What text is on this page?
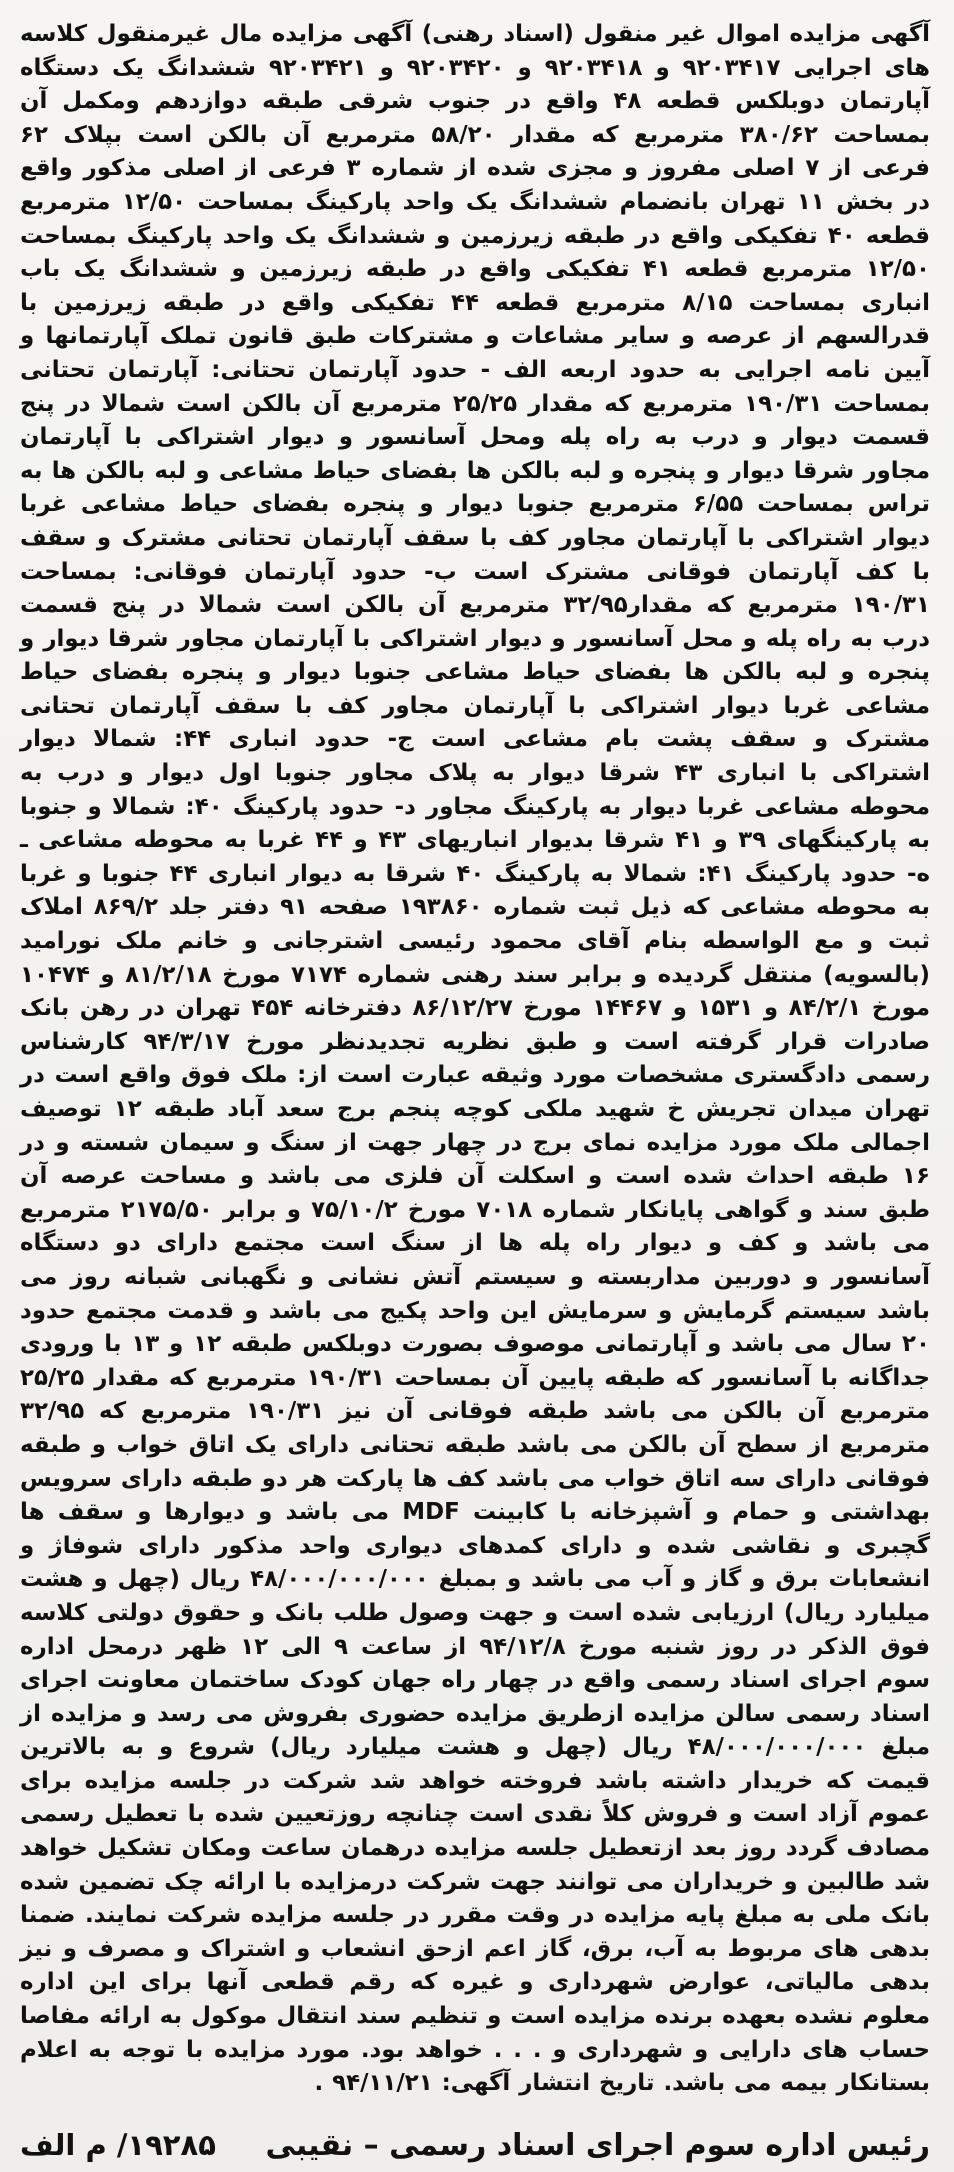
آگهی مزایده اموال غیر منقول (اسناد رهنی) آگهی مزایده مال غیرمنقول کلاسه های اجرایی ۹۲۰۳۴۱۷ و ۹۲۰۳۴۱۸ و ۹۲۰۳۴۲۰ و ۹۲۰۳۴۲۱ ششدانگ یک دستگاه آپارتمان دوبلکس قطعه ۴۸ واقع در جنوب شرقی طبقه دوازدهم ومکمل آن بمساحت ۳۸۰/۶۲ مترمربع که مقدار ۵۸/۲۰ مترمربع آن بالکن است بپلاک ۶۲ فرعی از ۷ اصلی مفروز و مجزی شده از شماره ۳ فرعی از اصلی مذکور واقع در بخش ۱۱ تهران بانضمام ششدانگ یک واحد پارکینگ بمساحت ۱۲/۵۰ مترمربع قطعه ۴۰ تفکیکی واقع در طبقه زیرزمین و ششدانگ یک واحد پارکینگ بمساحت ۱۲/۵۰ مترمربع قطعه ۴۱ تفکیکی واقع در طبقه زیرزمین و ششدانگ یک باب انباری بمساحت ۸/۱۵ مترمربع قطعه ۴۴ تفکیکی واقع در طبقه زیرزمین با قدرالسهم از عرصه و سایر مشاعات و مشترکات طبق قانون تملک آپارتمانها و آیین نامه اجرایی به حدود اربعه الف - حدود آپارتمان تحتانی: آپارتمان تحتانی بمساحت ۱۹۰/۳۱ مترمربع که مقدار ۲۵/۲۵ مترمربع آن بالکن است شمالا در پنج قسمت دیوار و درب به راه پله ومحل آسانسور و دیوار اشتراکی با آپارتمان مجاور شرقا دیوار و پنجره و لبه بالکن ها بفضای حیاط مشاعی و لبه بالکن ها به تراس بمساحت ۶/۵۵ مترمربع جنوبا دیوار و پنجره بفضای حیاط مشاعی غربا دیوار اشتراکی با آپارتمان مجاور کف با سقف آپارتمان تحتانی مشترک و سقف با کف آپارتمان فوقانی مشترک است ب- حدود آپارتمان فوقانی: بمساحت ۱۹۰/۳۱ مترمربع که مقدار۳۲/۹۵ مترمربع آن بالکن است شمالا در پنج قسمت درب به راه پله و محل آسانسور و دیوار اشتراکی با آپارتمان مجاور شرقا دیوار و پنجره و لبه بالکن ها بفضای حیاط مشاعی جنوبا دیوار و پنجره بفضای حیاط مشاعی غربا دیوار اشتراکی با آپارتمان مجاور کف با سقف آپارتمان تحتانی مشترک و سقف پشت بام مشاعی است ج- حدود انباری ۴۴: شمالا دیوار اشتراکی با انباری ۴۳ شرقا دیوار به پلاک مجاور جنوبا اول دیوار و درب به محوطه مشاعی غربا دیوار به پارکینگ مجاور د- حدود پارکینگ ۴۰: شمالا و جنوبا به پارکینگهای ۳۹ و ۴۱ شرقا بدیوار انباریهای ۴۳ و ۴۴ غربا به محوطه مشاعی ـ ه- حدود پارکینگ ۴۱: شمالا به پارکینگ ۴۰ شرقا به دیوار انباری ۴۴ جنوبا و غربا به محوطه مشاعی که ذیل ثبت شماره ۱۹۳۸۶۰ صفحه ۹۱ دفتر جلد ۸۶۹/۲ املاک ثبت و مع الواسطه بنام آقای محمود رئیسی اشترجانی و خانم ملک نورامید (بالسویه) منتقل گردیده و برابر سند رهنی شماره ۷۱۷۴ مورخ ۸۱/۲/۱۸ و ۱۰۴۷۴ مورخ ۸۴/۲/۱ و ۱۵۳۱ و ۱۴۴۶۷ مورخ ۸۶/۱۲/۲۷ دفترخانه ۴۵۴ تهران در رهن بانک صادرات قرار گرفته است و طبق نظریه تجدیدنظر مورخ ۹۴/۳/۱۷ کارشناس رسمی دادگستری مشخصات مورد وثیقه عبارت است از: ملک فوق واقع است در تهران میدان تجریش خ شهید ملکی کوچه پنجم برج سعد آباد طبقه ۱۲ توصیف اجمالی ملک مورد مزایده نمای برج در چهار جهت از سنگ و سیمان شسته و در ۱۶ طبقه احداث شده است و اسکلت آن فلزی می باشد و مساحت عرصه آن طبق سند و گواهی پایانکار شماره ۷۰۱۸ مورخ ۷۵/۱۰/۲ و برابر ۲۱۷۵/۵۰ مترمربع می باشد و کف و دیوار راه پله ها از سنگ است مجتمع دارای دو دستگاه آسانسور و دوربین مداربسته و سیستم آتش نشانی و نگهبانی شبانه روز می باشد سیستم گرمایش و سرمایش این واحد پکیج می باشد و قدمت مجتمع حدود ۲۰ سال می باشد و آپارتمانی موصوف بصورت دوبلکس طبقه ۱۲ و ۱۳ با ورودی جداگانه با آسانسور که طبقه پایین آن بمساحت ۱۹۰/۳۱ مترمربع که مقدار ۲۵/۲۵ مترمربع آن بالکن می باشد طبقه فوقانی آن نیز ۱۹۰/۳۱ مترمربع که ۳۲/۹۵ مترمربع از سطح آن بالکن می باشد طبقه تحتانی دارای یک اتاق خواب و طبقه فوقانی دارای سه اتاق خواب می باشد کف ها پارکت هر دو طبقه دارای سرویس بهداشتی و حمام و آشپزخانه با کابینت MDF می باشد و دیوارها و سقف ها گچبری و نقاشی شده و دارای کمدهای دیواری واحد مذکور دارای شوفاژ و انشعابات برق و گاز و آب می باشد و بمبلغ ۴۸/۰۰۰/۰۰۰/۰۰۰ ریال (چهل و هشت میلیارد ریال) ارزیابی شده است و جهت وصول طلب بانک و حقوق دولتی کلاسه فوق الذکر در روز شنبه مورخ ۹۴/۱۲/۸ از ساعت ۹ الی ۱۲ ظهر درمحل اداره سوم اجرای اسناد رسمی واقع در چهار راه جهان کودک ساختمان معاونت اجرای اسناد رسمی سالن مزایده ازطریق مزایده حضوری بفروش می رسد و مزایده از مبلغ ۴۸/۰۰۰/۰۰۰/۰۰۰ ریال (چهل و هشت میلیارد ریال) شروع و به بالاترین قیمت که خریدار داشته باشد فروخته خواهد شد شرکت در جلسه مزایده برای عموم آزاد است و فروش کلاً نقدی است چنانچه روزتعیین شده با تعطیل رسمی مصادف گردد روز بعد ازتعطیل جلسه مزایده درهمان ساعت ومکان تشکیل خواهد شد طالبین و خریداران می توانند جهت شرکت درمزایده با ارائه چک تضمین شده بانک ملی به مبلغ پایه مزایده در وقت مقرر در جلسه مزایده شرکت نمایند. ضمنا بدهی های مربوط به آب، برق، گاز اعم ازحق انشعاب و اشتراک و مصرف و نیز بدهی مالیاتی، عوارض شهرداری و غیره که رقم قطعی آنها برای این اداره معلوم نشده بعهده برنده مزایده است و تنظیم سند انتقال موکول به ارائه مفاصا حساب های دارایی و شهرداری و . . . خواهد بود. مورد مزایده با توجه به اعلام بستانکار بیمه می باشد. تاریخ انتشار آگهی: ۹۴/۱۱/۲۱ .

رئیس اداره سوم اجرای اسناد رسمی – نقیبی
۱۹۲۸۵/ م الف
